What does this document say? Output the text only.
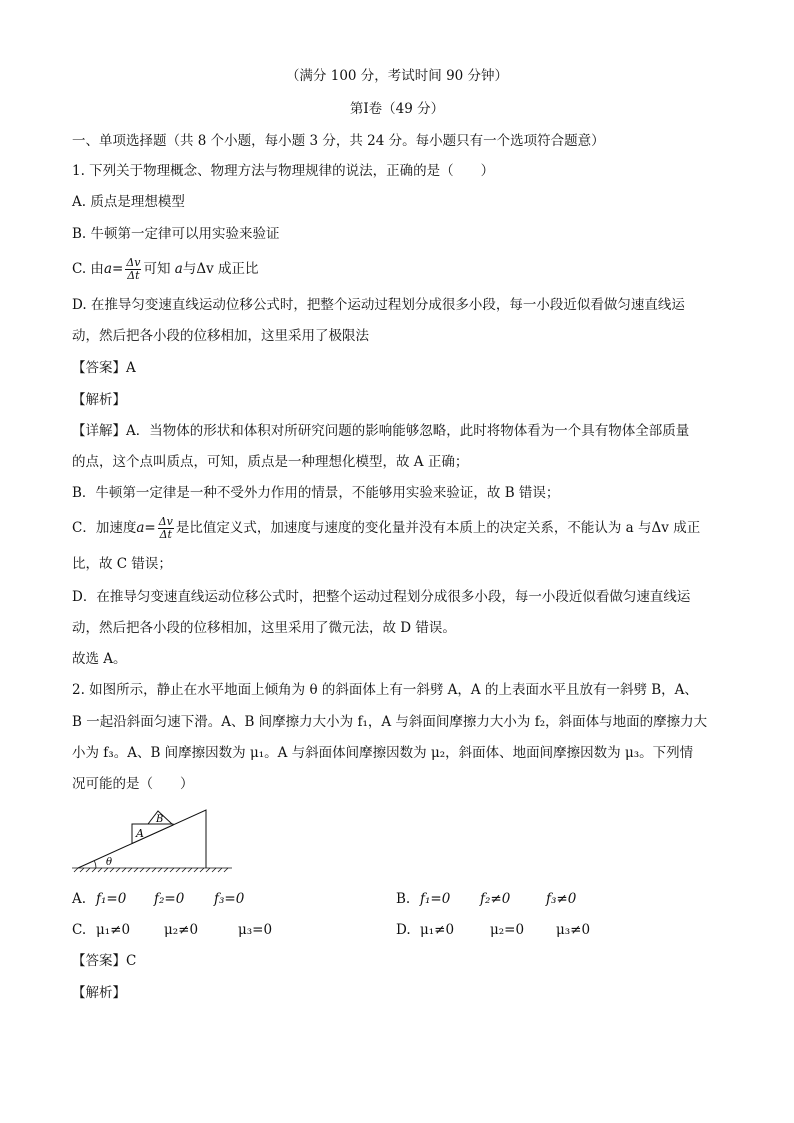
（满分 100 分，考试时间 90 分钟）
第Ⅰ卷（49 分）
一、单项选择题（共 8 个小题，每小题 3 分，共 24 分。每小题只有一个选项符合题意）
1. 下列关于物理概念、物理方法与物理规律的说法，正确的是（　　）
A. 质点是理想模型
B. 牛顿第一定律可以用实验来验证
C. 由$a= \frac{\Delta v}{\Delta t}$ 可知 a与Δv 成正比
D. 在推导匀变速直线运动位移公式时，把整个运动过程划分成很多小段，每一小段近似看做匀速直线运
动，然后把各小段的位移相加，这里采用了极限法
【答案】A
【解析】
【详解】A．当物体的形状和体积对所研究问题的影响能够忽略，此时将物体看为一个具有物体全部质量
的点，这个点叫质点，可知，质点是一种理想化模型，故 A 正确；
B．牛顿第一定律是一种不受外力作用的情景，不能够用实验来验证，故 B 错误；
C．加速度$a= \frac{\Delta v}{\Delta t}$ 是比值定义式，加速度与速度的变化量并没有本质上的决定关系，不能认为 a 与Δv 成正
比，故 C 错误；
D．在推导匀变速直线运动位移公式时，把整个运动过程划分成很多小段，每一小段近似看做匀速直线运
动，然后把各小段的位移相加，这里采用了微元法，故 D 错误。
故选 A。
2. 如图所示，静止在水平地面上倾角为 θ 的斜面体上有一斜劈 A，A 的上表面水平且放有一斜劈 B，A、
B 一起沿斜面匀速下滑。A、B 间摩擦力大小为 f₁，A 与斜面间摩擦力大小为 f₂，斜面体与地面的摩擦力大
小为 f₃。A、B 间摩擦因数为 μ₁。A 与斜面体间摩擦因数为 μ₂，斜面体、地面间摩擦因数为 μ₃。下列情
况可能的是（　　）
A
B
θ
A. f₁=0 f₂=0 f₃=0	B. f₁=0 f₂≠0	f₃≠0
C. μ₁≠0	μ₂≠0	μ₃=0	D. μ₁≠0	μ₂=0 μ₃≠0
【答案】C
【解析】
